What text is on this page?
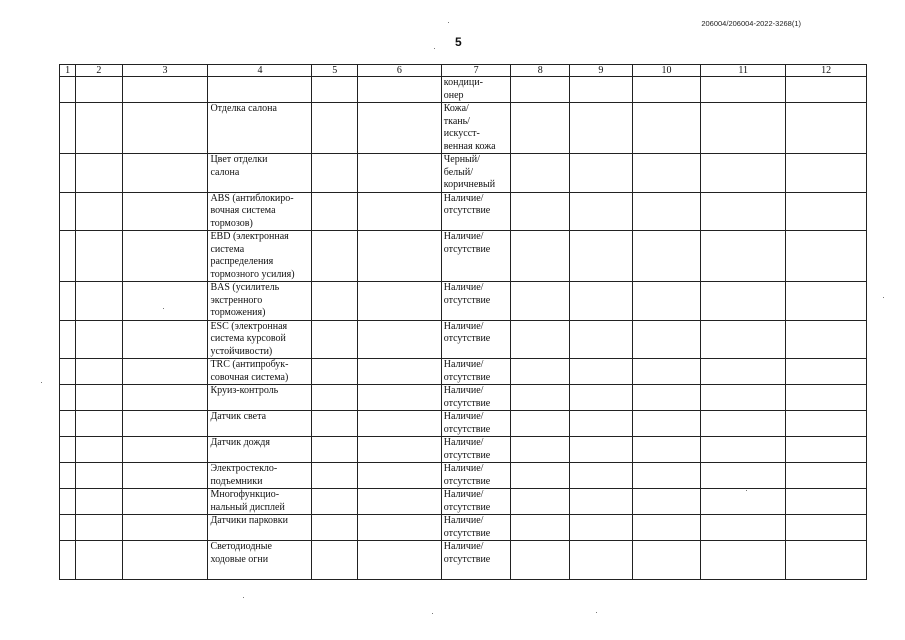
206004/206004-2022-3268(1)
5
1	2	3	4	5	6	7	8	9	10	11	12
						кондици-
онер					
			Отделка салона			Кожа/
ткань/
искусст-
венная кожа					
			Цвет отделки
салона			Черный/
белый/
коричневый					
			ABS (антиблокиро-
вочная система
тормозов)			Наличие/
отсутствие					
			EBD (электронная
система
распределения
тормозного усилия)			Наличие/
отсутствие					
			BAS (усилитель
экстренного
торможения)			Наличие/
отсутствие					
			ESC (электронная
система курсовой
устойчивости)			Наличие/
отсутствие					
			TRC (антипробук-
совочная система)			Наличие/
отсутствие					
			Круиз-контроль			Наличие/
отсутствие					
			Датчик света			Наличие/
отсутствие					
			Датчик дождя			Наличие/
отсутствие					
			Электростекло-
подъемники			Наличие/
отсутствие					
			Многофункцио-
нальный дисплей			Наличие/
отсутствие					
			Датчики парковки			Наличие/
отсутствие					
			Светодиодные
ходовые огни			Наличие/
отсутствие					
